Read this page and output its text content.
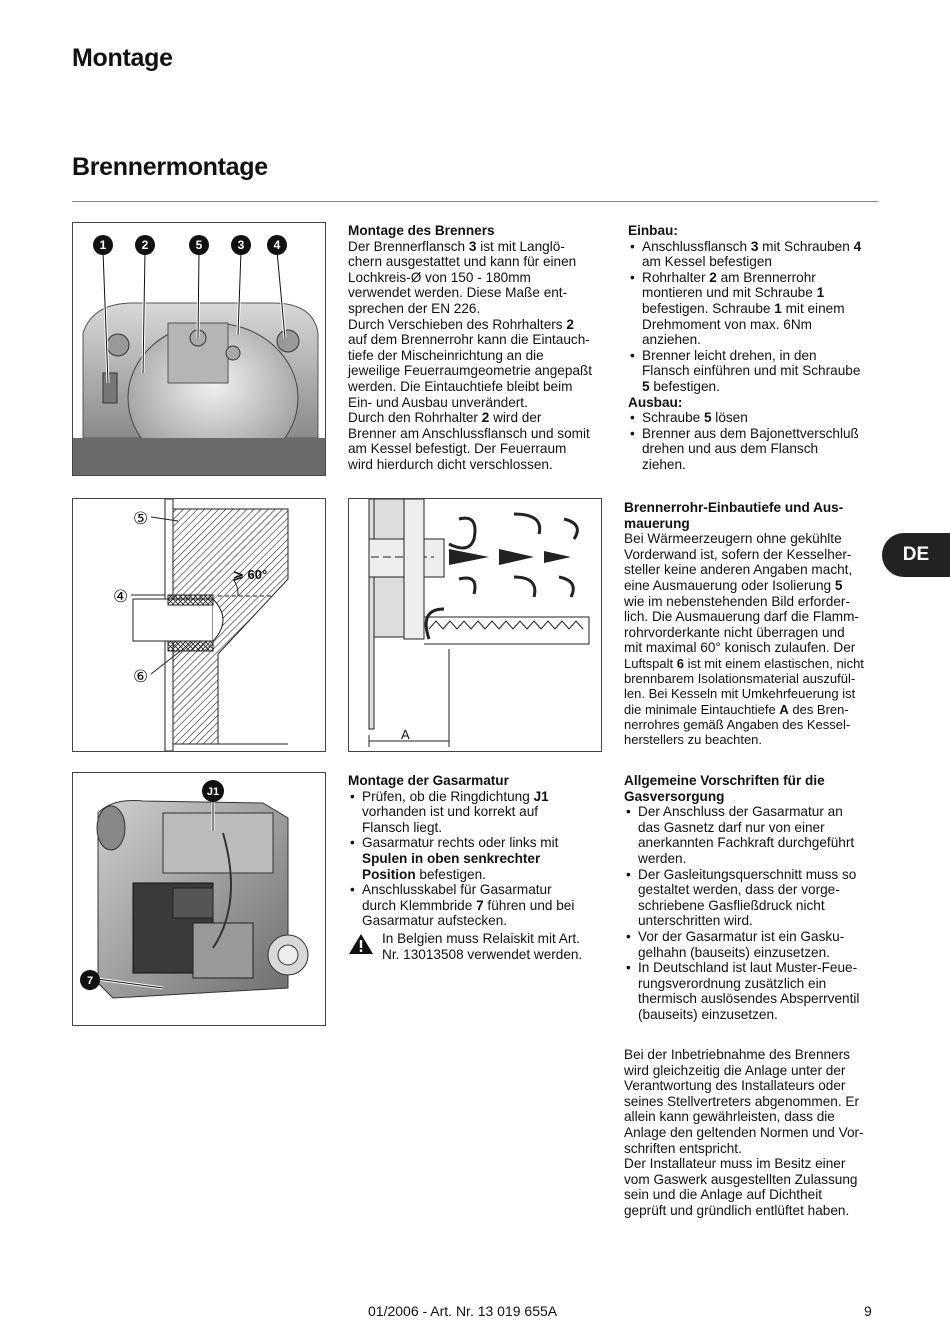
Montage
Brennermontage
1	2	5	3 4
⩾ 60°
⑤
④
⑥
A
J1
7

Montage des Brenners

Der Brennerflansch 3 ist mit Langlö-
chern ausgestattet und kann für einen
Lochkreis-Ø von 150 - 180mm
verwendet werden. Diese Maße ent-
sprechen der EN 226.
Durch Verschieben des Rohrhalters 2
auf dem Brennerrohr kann die Eintauch-
tiefe der Mischeinrichtung an die
jeweilige Feuerraumgeometrie angepaßt
werden. Die Eintauchtiefe bleibt beim
Ein- und Ausbau unverändert.
Durch den Rohrhalter 2 wird der
Brenner am Anschlussflansch und somit
am Kessel befestigt. Der Feuerraum
wird hierdurch dicht verschlossen.

Einbau:

• Anschlussflansch 3 mit Schrauben 4
am Kessel befestigen
• Rohrhalter 2 am Brennerrohr
montieren und mit Schraube 1
befestigen. Schraube 1 mit einem
Drehmoment von max. 6Nm
anziehen.
• Brenner leicht drehen, in den
Flansch einführen und mit Schraube
5 befestigen.

Ausbau:

• Schraube 5 lösen
• Brenner aus dem Bajonettverschluß
drehen und aus dem Flansch
ziehen.

Brennerrohr-Einbautiefe und Aus-

mauerung

Bei Wärmeerzeugern ohne gekühlte
Vorderwand ist, sofern der Kesselher-
steller keine anderen Angaben macht,
eine Ausmauerung oder Isolierung 5
wie im nebenstehenden Bild erforder-
lich. Die Ausmauerung darf die Flamm-
rohrvorderkante nicht überragen und
mit maximal 60° konisch zulaufen. Der

Luftspalt 6 ist mit einem elastischen, nicht
brennbarem Isolationsmaterial auszufül-
len. Bei Kesseln mit Umkehrfeuerung ist
die minimale Eintauchtiefe A des Bren-
nerrohres gemäß Angaben des Kessel-
herstellers zu beachten.

Montage der Gasarmatur

• Prüfen, ob die Ringdichtung J1
vorhanden ist und korrekt auf
Flansch liegt.
• Gasarmatur rechts oder links mit
Spulen in oben senkrechter
Position befestigen.
• Anschlusskabel für Gasarmatur
durch Klemmbride 7 führen und bei
Gasarmatur aufstecken.

In Belgien muss Relaiskit mit Art.
Nr. 13013508 verwendet werden.

Allgemeine Vorschriften für die

Gasversorgung

• Der Anschluss der Gasarmatur an
das Gasnetz darf nur von einer
anerkannten Fachkraft durchgeführt
werden.
• Der Gasleitungsquerschnitt muss so
gestaltet werden, dass der vorge-
schriebene Gasfließdruck nicht
unterschritten wird.
• Vor der Gasarmatur ist ein Gasku-
gelhahn (bauseits) einzusetzen.
• In Deutschland ist laut Muster-Feue-
rungsverordnung zusätzlich ein
thermisch auslösendes Absperrventil
(bauseits) einzusetzen.

Bei der Inbetriebnahme des Brenners
wird gleichzeitig die Anlage unter der
Verantwortung des Installateurs oder
seines Stellvertreters abgenommen. Er
allein kann gewährleisten, dass die
Anlage den geltenden Normen und Vor-
schriften entspricht.
Der Installateur muss im Besitz einer
vom Gaswerk ausgestellten Zulassung
sein und die Anlage auf Dichtheit
geprüft und gründlich entlüftet haben.

DE
01/2006 - Art. Nr. 13 019 655A	9
